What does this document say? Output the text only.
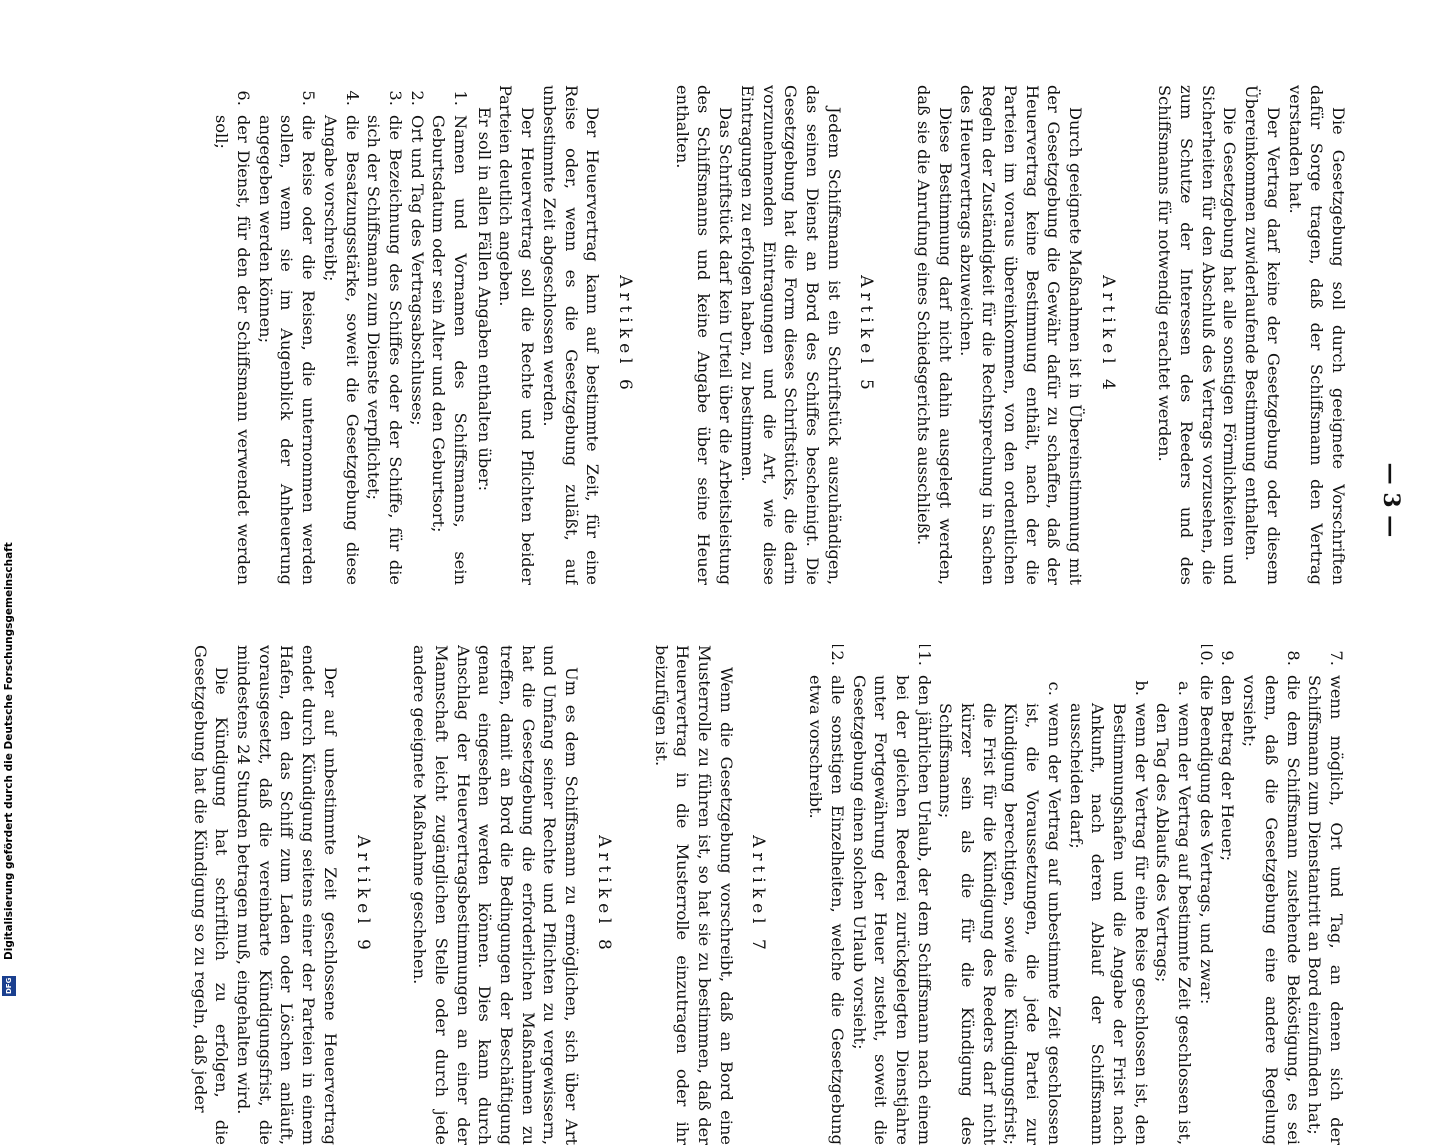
— 3 —

Die Gesetzgebung soll durch geeignete Vorschriften dafür Sorge tragen, daß der Schiffsmann den Vertrag verstanden hat.

Der Vertrag darf keine der Gesetzgebung oder diesem Übereinkommen zuwiderlaufende Bestimmung enthalten.

Die Gesetzgebung hat alle sonstigen Förmlichkeiten und Sicherheiten für den Abschluß des Vertrags vorzusehen, die zum Schutze der Interessen des Reeders und des Schiffsmanns für notwendig erachtet werden.

Artikel 4

Durch geeignete Maßnahmen ist in Übereinstimmung mit der Gesetzgebung die Gewähr dafür zu schaffen, daß der Heuervertrag keine Bestimmung enthält, nach der die Parteien im voraus übereinkommen, von den ordentlichen Regeln der Zuständigkeit für die Rechtsprechung in Sachen des Heuervertrags abzuweichen.

Diese Bestimmung darf nicht dahin ausgelegt werden, daß sie die Anrufung eines Schiedsgerichts ausschließt.

Artikel 5

Jedem Schiffsmann ist ein Schriftstück auszuhändigen, das seinen Dienst an Bord des Schiffes bescheinigt. Die Gesetzgebung hat die Form dieses Schriftstücks, die darin vorzunehmenden Eintragungen und die Art, wie diese Eintragungen zu erfolgen haben, zu bestimmen.

Das Schriftstück darf kein Urteil über die Arbeitsleistung des Schiffsmanns und keine Angabe über seine Heuer enthalten.

Artikel 6

Der Heuervertrag kann auf bestimmte Zeit, für eine Reise oder, wenn es die Gesetzgebung zuläßt, auf unbestimmte Zeit abgeschlossen werden.

Der Heuervertrag soll die Rechte und Pflichten beider Parteien deutlich angeben.

Er soll in allen Fällen Angaben enthalten über:

1. Namen und Vornamen des Schiffsmanns, sein Geburtsdatum oder sein Alter und den Geburtsort;
2. Ort und Tag des Vertragsabschlusses;
3. die Bezeichnung des Schiffes oder der Schiffe, für die sich der Schiffsmann zum Dienste verpflichtet;
4. die Besatzungsstärke, soweit die Gesetzgebung diese Angabe vorschreibt;
5. die Reise oder die Reisen, die unternommen werden sollen, wenn sie im Augenblick der Anheuerung angegeben werden können;
6. der Dienst, für den der Schiffsmann verwendet werden soll;
7. wenn möglich, Ort und Tag, an denen sich der Schiffsmann zum Dienstantritt an Bord einzufinden hat;
8. die dem Schiffsmann zustehende Beköstigung, es sei denn, daß die Gesetzgebung eine andere Regelung vorsieht;
9. den Betrag der Heuer;
10. die Beendigung des Vertrags, und zwar:
a. wenn der Vertrag auf bestimmte Zeit geschlossen ist, den Tag des Ablaufs des Vertrags;
b. wenn der Vertrag für eine Reise geschlossen ist, den Bestimmungshafen und die Angabe der Frist nach Ankunft, nach deren Ablauf der Schiffsmann ausscheiden darf;
c. wenn der Vertrag auf unbestimmte Zeit geschlossen ist, die Voraussetzungen, die jede Partei zur Kündigung berechtigen, sowie die Kündigungsfrist; die Frist für die Kündigung des Reeders darf nicht kürzer sein als die für die Kündigung des Schiffsmanns;
11. den jährlichen Urlaub, der dem Schiffsmann nach einem bei der gleichen Reederei zurückgelegten Dienstjahre unter Fortgewährung der Heuer zusteht, soweit die Gesetzgebung einen solchen Urlaub vorsieht;
12. alle sonstigen Einzelheiten, welche die Gesetzgebung etwa vorschreibt.
Artikel 7

Wenn die Gesetzgebung vorschreibt, daß an Bord eine Musterrolle zu führen ist, so hat sie zu bestimmen, daß der Heuervertrag in die Musterrolle einzutragen oder ihr beizufügen ist.

Artikel 8

Um es dem Schiffsmann zu ermöglichen, sich über Art und Umfang seiner Rechte und Pflichten zu vergewissern, hat die Gesetzgebung die erforderlichen Maßnahmen zu treffen, damit an Bord die Bedingungen der Beschäftigung genau eingesehen werden können. Dies kann durch Anschlag der Heuervertragsbestimmungen an einer der Mannschaft leicht zugänglichen Stelle oder durch jede andere geeignete Maßnahme geschehen.

Artikel 9

Der auf unbestimmte Zeit geschlossene Heuervertrag endet durch Kündigung seitens einer der Parteien in einem Hafen, den das Schiff zum Laden oder Löschen anläuft, vorausgesetzt, daß die vereinbarte Kündigungsfrist, die mindestens 24 Stunden betragen muß, eingehalten wird.

Die Kündigung hat schriftlich zu erfolgen, die Gesetzgebung hat die Kündigung so zu regeln, daß jeder

Digitalisierung gefördert durch die Deutsche Forschungsgemeinschaft
DFG
